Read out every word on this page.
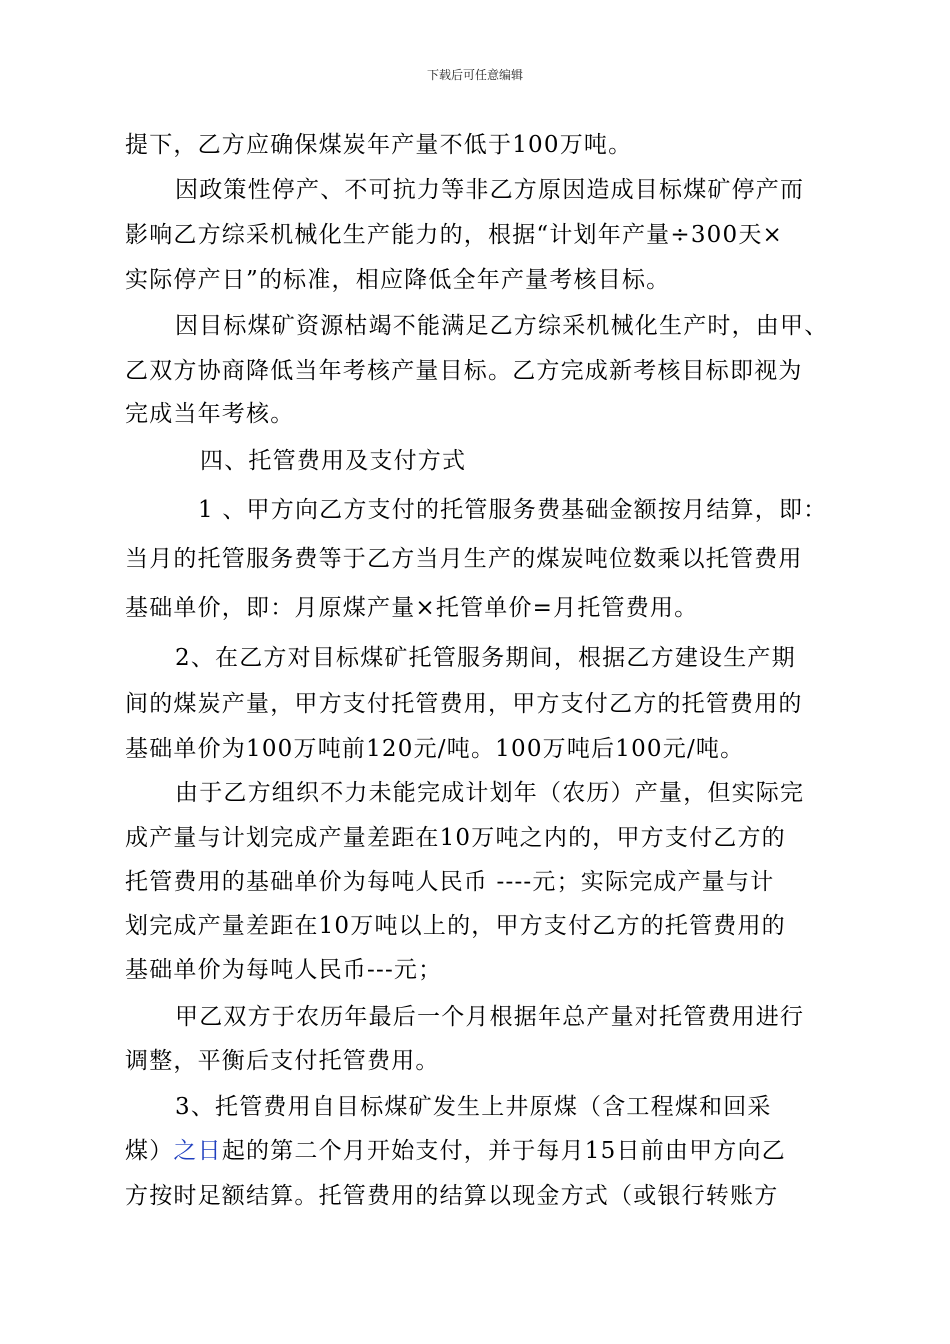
下载后可任意编辑
提下，乙方应确保煤炭年产量不低于100万吨。
因政策性停产、不可抗力等非乙方原因造成目标煤矿停产而
影响乙方综采机械化生产能力的，根据“计划年产量÷300天×
实际停产日”的标准，相应降低全年产量考核目标。
因目标煤矿资源枯竭不能满足乙方综采机械化生产时，由甲、
乙双方协商降低当年考核产量目标。乙方完成新考核目标即视为
完成当年考核。
四、托管费用及支付方式
1 、甲方向乙方支付的托管服务费基础金额按月结算，即：
当月的托管服务费等于乙方当月生产的煤炭吨位数乘以托管费用
基础单价，即：月原煤产量×托管单价=月托管费用。
2、在乙方对目标煤矿托管服务期间，根据乙方建设生产期
间的煤炭产量，甲方支付托管费用，甲方支付乙方的托管费用的
基础单价为100万吨前120元/吨。100万吨后100元/吨。
由于乙方组织不力未能完成计划年（农历）产量，但实际完
成产量与计划完成产量差距在10万吨之内的，甲方支付乙方的
托管费用的基础单价为每吨人民币 ----元；实际完成产量与计
划完成产量差距在10万吨以上的，甲方支付乙方的托管费用的
基础单价为每吨人民币---元；
甲乙双方于农历年最后一个月根据年总产量对托管费用进行
调整，平衡后支付托管费用。
3、托管费用自目标煤矿发生上井原煤（含工程煤和回采
煤）之日起的第二个月开始支付，并于每月15日前由甲方向乙
方按时足额结算。托管费用的结算以现金方式（或银行转账方
